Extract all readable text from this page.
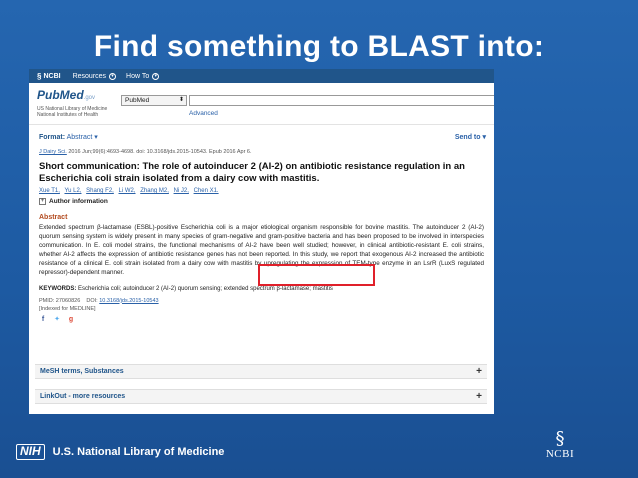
Find something to BLAST into:
§ NCBI Resources	▾	How To	▾
PubMed.gov
US National Library of Medicine
National Institutes of Health
PubMed	⬍
Advanced
Format: Abstract ▾	Send to ▾
J Dairy Sci. 2016 Jun;99(6):4693-4698. doi: 10.3168/jds.2015-10543. Epub 2016 Apr 6.
Short communication: The role of autoinducer 2 (AI-2) on antibiotic resistance regulation in an Escherichia coli strain isolated from a dairy cow with mastitis.
Xue T1, Yu L2, Shang F2, Li W2, Zhang M2, Ni J2, Chen X1.
+ Author information
Abstract
Extended spectrum β-lactamase (ESBL)-positive Escherichia coli is a major etiological organism responsible for bovine mastitis. The autoinducer 2 (AI-2) quorum sensing system is widely present in many species of gram-negative and gram-positive bacteria and has been proposed to be involved in interspecies communication. In E. coli model strains, the functional mechanisms of AI-2 have been well studied; however, in clinical antibiotic-resistant E. coli strains, whether AI-2 affects the expression of antibiotic resistance genes has not been reported. In this study, we report that exogenous AI-2 increased the antibiotic resistance of a clinical E. coli strain isolated from a dairy cow with mastitis by upregulating the expression of TEM-type enzyme in an LsrR (LuxS regulated repressor)-dependent manner.
KEYWORDS: Escherichia coli; autoinducer 2 (AI-2) quorum sensing; extended spectrum β-lactamase; mastitis
PMID: 27060826 DOI: 10.3168/jds.2015-10543
[Indexed for MEDLINE]
f	✦ g
MeSH terms, Substances	+
LinkOut - more resources	+
NIH	U.S. National Library of Medicine
§
NCBI
